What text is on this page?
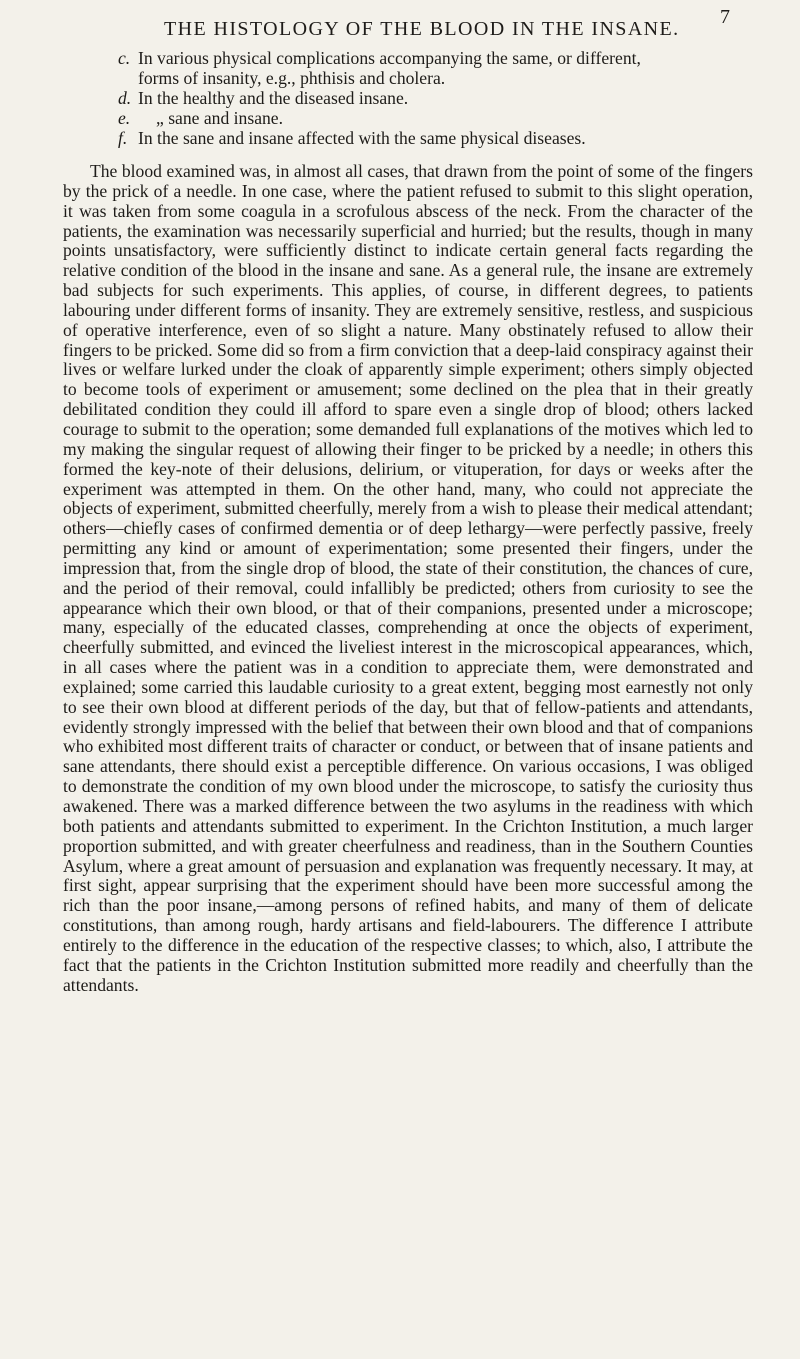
THE HISTOLOGY OF THE BLOOD IN THE INSANE.
7
c. In various physical complications accompanying the same, or different,
forms of insanity, e.g., phthisis and cholera.
d. In the healthy and the diseased insane.
e. „ sane and insane.
f. In the sane and insane affected with the same physical diseases.

The blood examined was, in almost all cases, that drawn from the point of some of the fingers by the prick of a needle. In one case, where the patient refused to submit to this slight operation, it was taken from some coagula in a scrofulous abscess of the neck. From the character of the patients, the examination was necessarily superficial and hurried; but the results, though in many points unsatisfactory, were sufficiently distinct to indicate certain general facts regarding the relative condition of the blood in the insane and sane. As a general rule, the insane are extremely bad subjects for such experiments. This applies, of course, in different degrees, to patients labouring under different forms of insanity. They are extremely sensitive, restless, and suspicious of operative interference, even of so slight a nature. Many obstinately refused to allow their fingers to be pricked. Some did so from a firm conviction that a deep-laid conspiracy against their lives or welfare lurked under the cloak of apparently simple experiment; others simply objected to become tools of experiment or amusement; some declined on the plea that in their greatly debilitated condition they could ill afford to spare even a single drop of blood; others lacked courage to submit to the operation; some demanded full explanations of the motives which led to my making the singular request of allowing their finger to be pricked by a needle; in others this formed the key-note of their delusions, delirium, or vituperation, for days or weeks after the experiment was attempted in them. On the other hand, many, who could not appreciate the objects of experiment, submitted cheerfully, merely from a wish to please their medical attendant; others—chiefly cases of confirmed dementia or of deep lethargy—were perfectly passive, freely permitting any kind or amount of experimentation; some presented their fingers, under the impression that, from the single drop of blood, the state of their constitution, the chances of cure, and the period of their removal, could infallibly be predicted; others from curiosity to see the appearance which their own blood, or that of their companions, presented under a microscope; many, especially of the educated classes, comprehending at once the objects of experiment, cheerfully submitted, and evinced the liveliest interest in the microscopical appearances, which, in all cases where the patient was in a condition to appreciate them, were demonstrated and explained; some carried this laudable curiosity to a great extent, begging most earnestly not only to see their own blood at different periods of the day, but that of fellow-patients and attendants, evidently strongly impressed with the belief that between their own blood and that of companions who exhibited most different traits of character or conduct, or between that of insane patients and sane attendants, there should exist a perceptible difference. On various occasions, I was obliged to demonstrate the condition of my own blood under the microscope, to satisfy the curiosity thus awakened. There was a marked difference between the two asylums in the readiness with which both patients and attendants submitted to experiment. In the Crichton Institution, a much larger proportion submitted, and with greater cheerfulness and readiness, than in the Southern Counties Asylum, where a great amount of persuasion and explanation was frequently necessary. It may, at first sight, appear surprising that the experiment should have been more successful among the rich than the poor insane,—among persons of refined habits, and many of them of delicate constitutions, than among rough, hardy artisans and field-labourers. The difference I attribute entirely to the difference in the education of the respective classes; to which, also, I attribute the fact that the patients in the Crichton Institution submitted more readily and cheerfully than the attendants.
